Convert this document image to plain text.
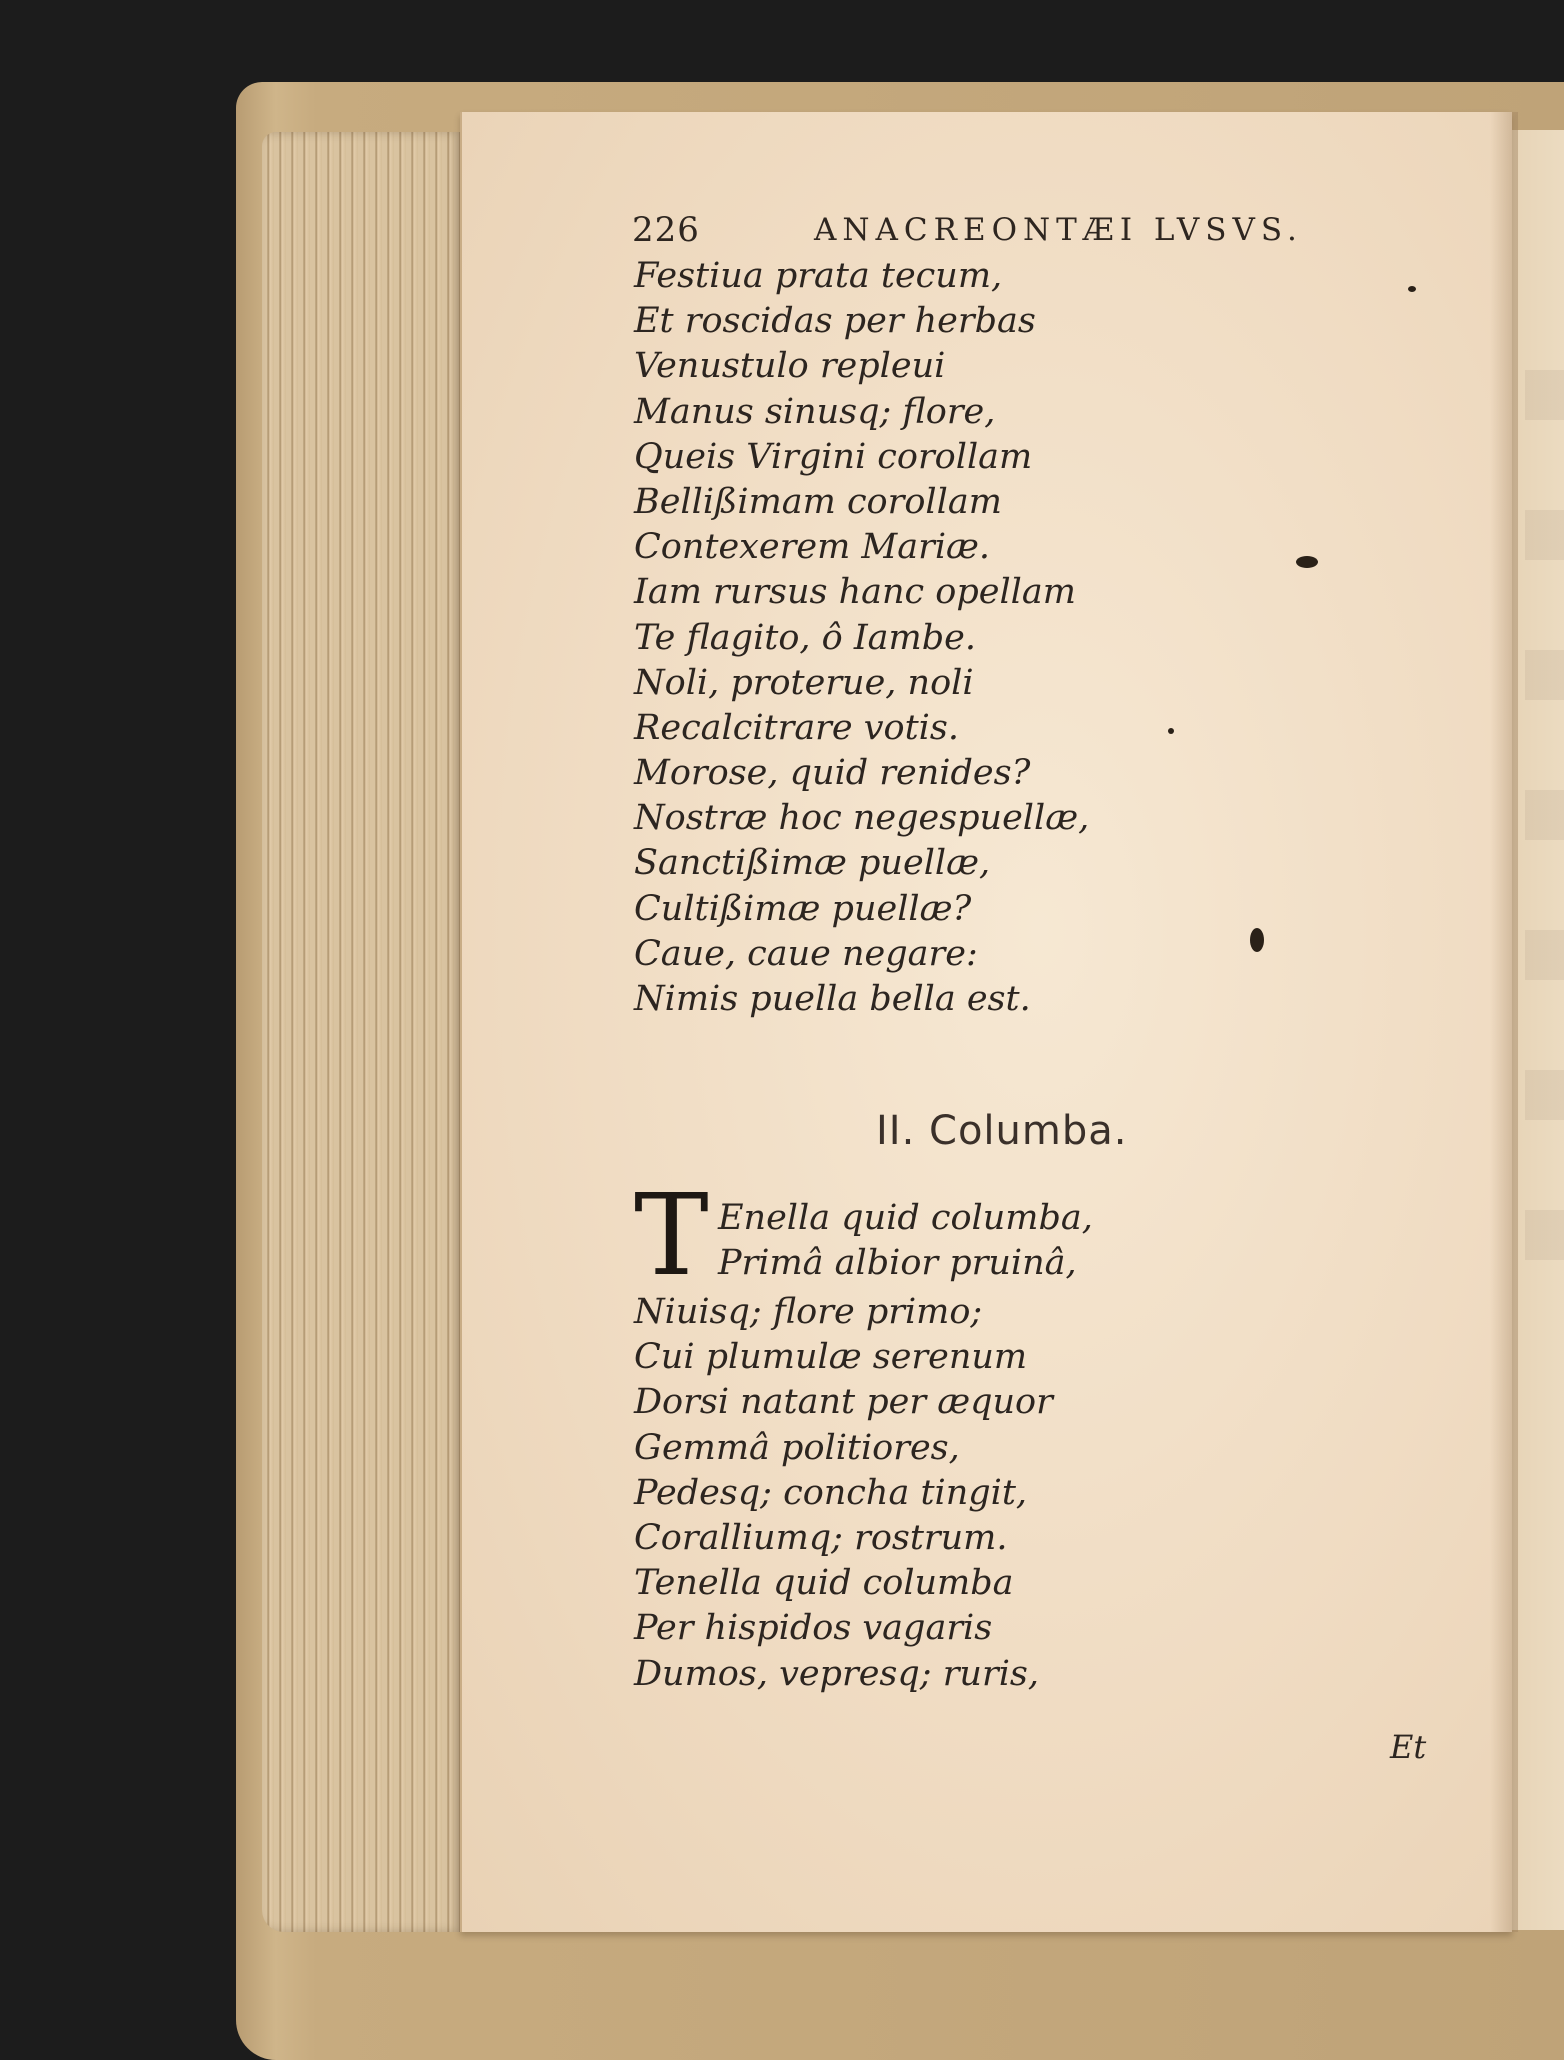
226	ANACREONTÆI LVSVS.
Festiua prata tecum,
Et roscidas per herbas
Venustulo repleui
Manus sinusq; flore,
Queis Virgini corollam
Bellißimam corollam
Contexerem Mariæ.
Iam rursus hanc opellam
Te flagito, ô Iambe.
Noli, proterue, noli
Recalcitrare votis.
Morose, quid renides?
Nostræ hoc negespuellæ,
Sanctißimæ puellæ,
Cultißimæ puellæ?
Caue, caue negare:
Nimis puella bella est.
II. Columba.
T Enella quid columba,
Primâ albior pruinâ,
Niuisq; flore primo;
Cui plumulæ serenum
Dorsi natant per æquor
Gemmâ politiores,
Pedesq; concha tingit,
Coralliumq; rostrum.
Tenella quid columba
Per hispidos vagaris
Dumos, vepresq; ruris,
Et
